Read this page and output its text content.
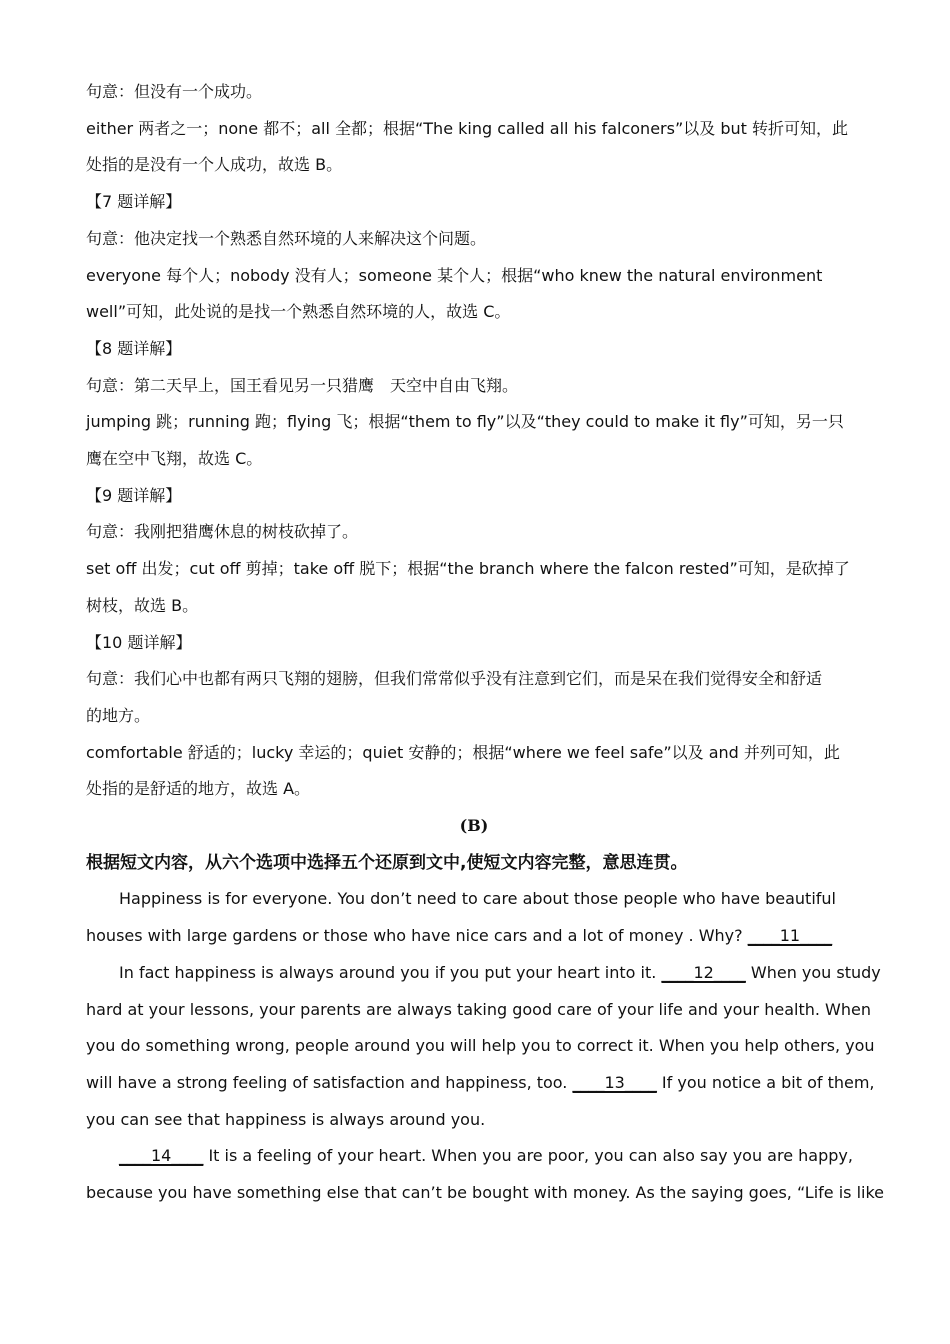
句意：但没有一个成功。

either 两者之一；none 都不；all 全都；根据“The king called all his falconers”以及 but 转折可知，此

处指的是没有一个人成功，故选 B。

【7 题详解】

句意：他决定找一个熟悉自然环境的人来解决这个问题。

everyone 每个人；nobody 没有人；someone 某个人；根据“who knew the natural environment

well”可知，此处说的是找一个熟悉自然环境的人，故选 C。

【8 题详解】

句意：第二天早上，国王看见另一只猎鹰　天空中自由飞翔。

jumping 跳；running 跑；flying 飞；根据“them to fly”以及“they could to make it fly”可知，另一只

鹰在空中飞翔，故选 C。

【9 题详解】

句意：我刚把猎鹰休息的树枝砍掉了。

set off 出发；cut off 剪掉；take off 脱下；根据“the branch where the falcon rested”可知，是砍掉了

树枝，故选 B。

【10 题详解】

句意：我们心中也都有两只飞翔的翅膀，但我们常常似乎没有注意到它们，而是呆在我们觉得安全和舒适

的地方。

comfortable 舒适的；lucky 幸运的；quiet 安静的；根据“where we feel safe”以及 and 并列可知，此

处指的是舒适的地方，故选 A。

(B)

根据短文内容，从六个选项中选择五个还原到文中,使短文内容完整，意思连贯。

Happiness is for everyone. You don’t need to care about those people who have beautiful

houses with large gardens or those who have nice cars and a lot of money . Why? ____11____

In fact happiness is always around you if you put your heart into it. ____12____ When you study

hard at your lessons, your parents are always taking good care of your life and your health. When

you do something wrong, people around you will help you to correct it. When you help others, you

will have a strong feeling of satisfaction and happiness, too. ____13____ If you notice a bit of them,

you can see that happiness is always around you.

____14____ It is a feeling of your heart. When you are poor, you can also say you are happy,

because you have something else that can’t be bought with money. As the saying goes, “Life is like
